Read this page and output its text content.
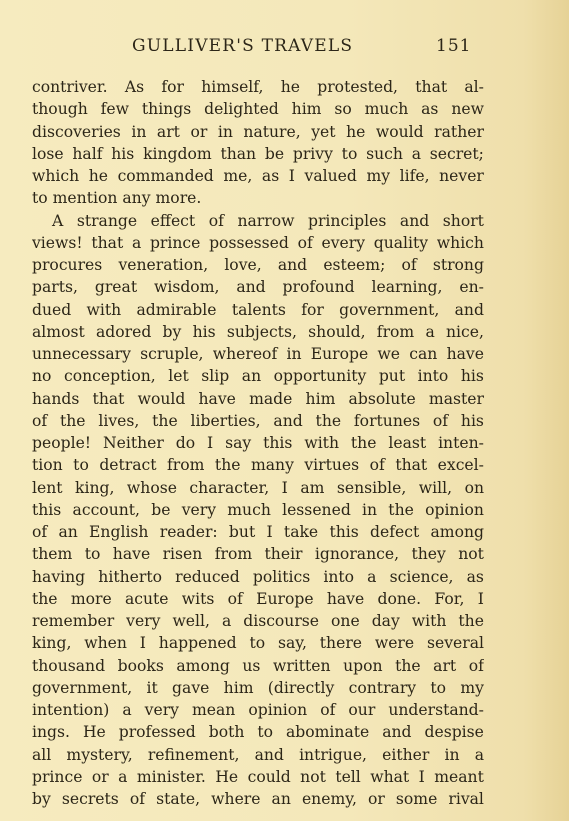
GULLIVER'S TRAVELS	151
contriver. As for himself, he protested, that al-
though few things delighted him so much as new
discoveries in art or in nature, yet he would rather
lose half his kingdom than be privy to such a secret;
which he commanded me, as I valued my life, never
to mention any more.
A strange effect of narrow principles and short
views! that a prince possessed of every quality which
procures veneration, love, and esteem; of strong
parts, great wisdom, and profound learning, en-
dued with admirable talents for government, and
almost adored by his subjects, should, from a nice,
unnecessary scruple, whereof in Europe we can have
no conception, let slip an opportunity put into his
hands that would have made him absolute master
of the lives, the liberties, and the fortunes of his
people! Neither do I say this with the least inten-
tion to detract from the many virtues of that excel-
lent king, whose character, I am sensible, will, on
this account, be very much lessened in the opinion
of an English reader: but I take this defect among
them to have risen from their ignorance, they not
having hitherto reduced politics into a science, as
the more acute wits of Europe have done. For, I
remember very well, a discourse one day with the
king, when I happened to say, there were several
thousand books among us written upon the art of
government, it gave him (directly contrary to my
intention) a very mean opinion of our understand-
ings. He professed both to abominate and despise
all mystery, refinement, and intrigue, either in a
prince or a minister. He could not tell what I meant
by secrets of state, where an enemy, or some rival
